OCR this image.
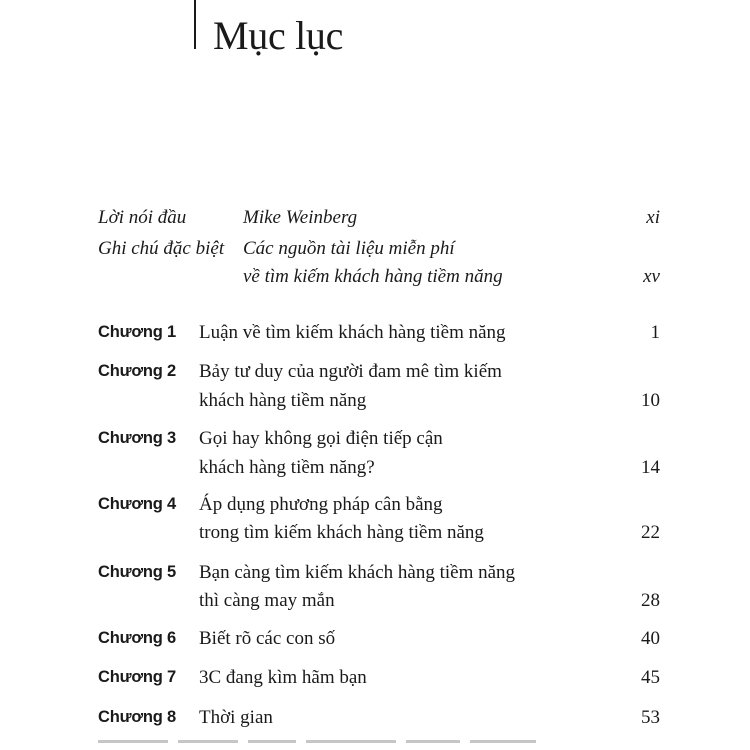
Mục lục
Lời nói đầu	Mike Weinberg	xi
Ghi chú đặc biệt Các nguồn tài liệu miễn phí
về tìm kiếm khách hàng tiềm năng	xv
Chương 1 Luận về tìm kiếm khách hàng tiềm năng	1
Chương 2 Bảy tư duy của người đam mê tìm kiếm
khách hàng tiềm năng	10
Chương 3 Gọi hay không gọi điện tiếp cận
khách hàng tiềm năng?	14
Chương 4 Áp dụng phương pháp cân bằng
trong tìm kiếm khách hàng tiềm năng	22
Chương 5 Bạn càng tìm kiếm khách hàng tiềm năng
thì càng may mắn	28
Chương 6 Biết rõ các con số	40
Chương 7 3C đang kìm hãm bạn	45
Chương 8 Thời gian	53
